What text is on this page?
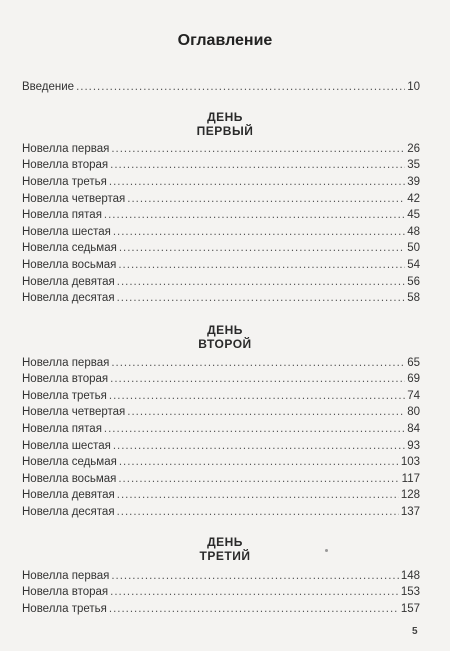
Оглавление
Введение .....	10
ДЕНЬ
ПЕРВЫЙ
Новелла первая .....	26
Новелла вторая .....	35
Новелла третья .....	39
Новелла четвертая .....	42
Новелла пятая .....	45
Новелла шестая .....	48
Новелла седьмая .....	50
Новелла восьмая .....	54
Новелла девятая .....	56
Новелла десятая .....	58
ДЕНЬ
ВТОРОЙ
Новелла первая .....	65
Новелла вторая .....	69
Новелла третья .....	74
Новелла четвертая .....	80
Новелла пятая .....	84
Новелла шестая .....	93
Новелла седьмая .....	103
Новелла восьмая .....	117
Новелла девятая .....	128
Новелла десятая .....	137
ДЕНЬ
ТРЕТИЙ
Новелла первая .....	148
Новелла вторая .....	153
Новелла третья .....	157
5
